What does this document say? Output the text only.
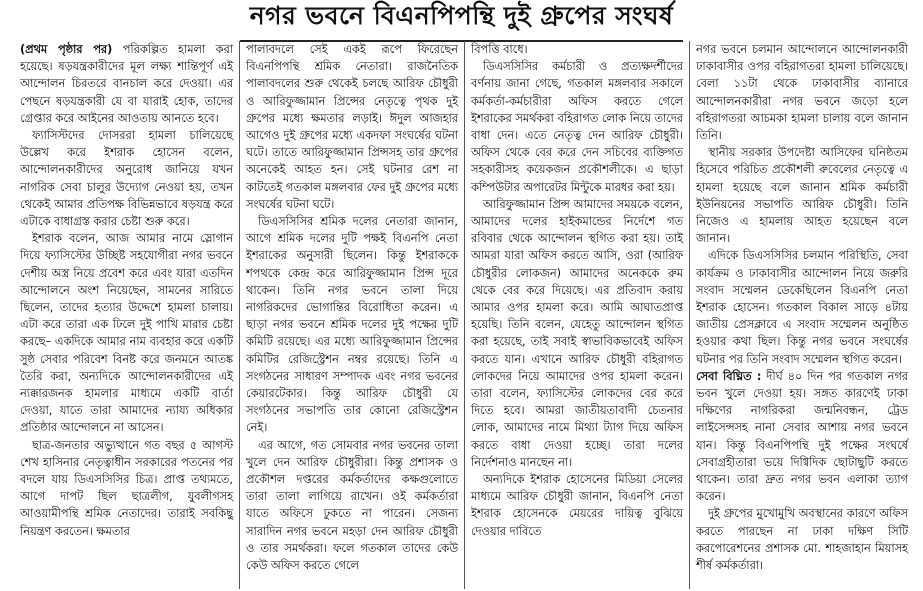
নগর ভবনে বিএনপিপন্থি দুই গ্রুপের সংঘর্ষ

(প্রথম পৃষ্ঠার পর) পরিকল্পিত হামলা করা হয়েছে। ষড়যন্ত্রকারীদের মূল লক্ষ্য শান্তিপূর্ণ এই আন্দোলন চিরতরে বানচাল করে দেওয়া। এর পেছনে ষড়যন্ত্রকারী যে বা যারাই হোক, তাদের গ্রেপ্তার করে আইনের আওতায় আনতে হবে।

ফ্যাসিস্টদের দোসররা হামলা চালিয়েছে উল্লেখ করে ইশরাক হোসেন বলেন, আন্দোলনকারীদের অনুরোধ জানিয়ে যখন নাগরিক সেবা চালুর উদ্যোগ নেওয়া হয়, তখন থেকেই আমার প্রতিপক্ষ বিভিন্নভাবে ষড়যন্ত্র করে এটাকে বাধাগ্রস্ত করার চেষ্টা শুরু করে।

ইশরাক বলেন, আজ আমার নামে স্লোগান দিয়ে ফ্যাসিস্টের উচ্ছিষ্ট সহযোগীরা নগর ভবনে দেশীয় অস্ত্র নিয়ে প্রবেশ করে এবং যারা এতদিন আন্দোলনে অংশ নিয়েছেন, সামনের সারিতে ছিলেন, তাদের হত্যার উদ্দেশে হামলা চালায়। এটা করে তারা এক ঢিলে দুই পাখি মারার চেষ্টা করছে– একদিকে আমার নাম ব্যবহার করে একটি সুষ্ঠ সেবার পরিবেশ বিনষ্ট করে জনমনে আতঙ্ক তৈরি করা, অন্যদিকে আন্দোলনকারীদের এই ন্যক্কারজনক হামলার মাধ্যমে একটি বার্তা দেওয়া, যাতে তারা আমাদের ন্যায্য অধিকার প্রতিষ্ঠার আন্দোলনে না আসেন।

ছাত্র-জনতার অভ্যুত্থানে গত বছর ৫ আগস্ট শেখ হাসিনার নেতৃত্বাধীন সরকারের পতনের পর বদলে যায় ডিএসসিসির চিত্র। প্রাপ্ত তথ্যমতে, আগে দাপট ছিল ছাত্রলীগ, যুবলীগসহ আওয়ামীপন্থি শ্রমিক নেতাদের। তারাই সবকিছু নিয়ন্ত্রণ করতেন। ক্ষমতার

পালাবদলে সেই একই রূপে ফিরেছেন বিএনপিপন্থি শ্রমিক নেতারা। রাজনৈতিক পালাবদলের শুরু থেকেই চলছে আরিফ চৌধুরী ও আরিফুজ্জামান প্রিন্সের নেতৃত্বে পৃথক দুই গ্রুপের মধ্যে ক্ষমতার লড়াই। ঈদুল আজহার আগেও দুই গ্রুপের মধ্যে একদফা সংঘর্ষের ঘটনা ঘটে। তাতে আরিফুজ্জামান প্রিন্সসহ তার গ্রুপের অনেকেই আহত হন। সেই ঘটনার রেশ না কাটতেই গতকাল মঙ্গলবার ফের দুই গ্রুপের মধ্যে সংঘর্ষের ঘটনা ঘটে।

ডিএসসিসির শ্রমিক দলের নেতারা জানান, আগে শ্রমিক দলের দুটি পক্ষই বিএনপি নেতা ইশরাকের অনুসারী ছিলেন। কিন্তু ইশরাককে শপথকে কেন্দ্র করে আরিফুজ্জামান প্রিন্স দূরে থাকেন। তিনি নগর ভবনে তালা দিয়ে নাগরিকদের ভোগান্তির বিরোধিতা করেন। এ ছাড়া নগর ভবনে শ্রমিক দলের দুই পক্ষের দুটি কমিটি রয়েছে। এর মধ্যে আরিফুজ্জামান প্রিন্সের কমিটির রেজিস্ট্রেশন নম্বর রয়েছে। তিনি এ সংগঠনের সাধারণ সম্পাদক এবং নগর ভবনের কেয়ারটেকার। কিন্তু আরিফ চৌধুরী যে সংগঠনের সভাপতি তার কোনো রেজিস্ট্রেশন নেই।

এর আগে, গত সোমবার নগর ভবনের তালা খুলে দেন আরিফ চৌধুরীরা। কিন্তু প্রশাসক ও প্রকৌশল দপ্তরের কর্মকর্তাদের কক্ষগুলোতে তারা তালা লাগিয়ে রাখেন। ওই কর্মকর্তারা যাতে অফিসে ঢুকতে না পারেন। সেজন্য সারাদিন নগর ভবনে মহড়া দেন আরিফ চৌধুরী ও তার সমর্থকরা। ফলে গতকাল তাদের কেউ কেউ অফিস করতে গেলে

বিপত্তি বাধে।

ডিএসসিসির কর্মচারী ও প্রত্যক্ষদর্শীদের বর্ণনায় জানা গেছে, গতকাল মঙ্গলবার সকালে কর্মকর্তা-কর্মচারীরা অফিস করতে গেলে ইশরাকের সমর্থকরা বহিরাগত লোক নিয়ে তাদের বাধা দেন। এতে নেতৃত্ব দেন আরিফ চৌধুরী। অফিস থেকে বের করে দেন সচিবের ব্যক্তিগত সহকারীসহ কয়েকজন প্রকৌশলীকে। এ ছাড়া কম্পিউটার অপারেটর মিন্টুকে মারধর করা হয়।

আরিফুজ্জামান প্রিন্স আমাদের সময়কে বলেন, আমাদের দলের হাইকমান্ডের নির্দেশে গত রবিবার থেকে আন্দোলন স্থগিত করা হয়। তাই আমরা যারা অফিস করতে আসি, ওরা (আরিফ চৌধুরীর লোকজন) আমাদের অনেককে রুম থেকে বের করে দিয়েছে। এর প্রতিবাদ করায় আমার ওপর হামলা করে। আমি আঘাতপ্রাপ্ত হয়েছি। তিনি বলেন, যেহেতু আন্দোলন স্থগিত করা হয়েছে, তাই সবাই স্বাভাবিকভাবেই অফিস করতে যান। এখানে আরিফ চৌধুরী বহিরাগত লোকদের নিয়ে আমাদের ওপর হামলা করেন। তারা বলেন, ফ্যাসিস্টের লোকদের বের করে দিতে হবে। আমরা জাতীয়তাবাদী চেতনার লোক, আমাদের নামে মিথ্যা ট্যাগ দিয়ে অফিস করতে বাধা দেওয়া হচ্ছে। তারা দলের নির্দেশনাও মানছেন না।

অন্যদিকে ইশরাক হোসেনের মিডিয়া সেলের মাধ্যমে আরিফ চৌধুরী জানান, বিএনপি নেতা ইশরাক হোসেনকে মেয়রের দায়িত্ব বুঝিয়ে দেওয়ার দাবিতে

নগর ভবনে চলমান আন্দোলনে আন্দোলনকারী ঢাকাবাসীর ওপর বহিরাগতরা হামলা চালিয়েছে। বেলা ১১টা থেকে ঢাকাবাসীর ব্যানারে আন্দোলনকারীরা নগর ভবনে জড়ো হলে বহিরাগতরা আচমকা হামলা চালায় বলে জানান তিনি।

স্থানীয় সরকার উপদেষ্টা আসিফের ঘনিষ্ঠতম হিসেবে পরিচিত প্রকৌশলী রুবেলের নেতৃত্বে এ হামলা হয়েছে বলে জানান শ্রমিক কর্মচারী ইউনিয়নের সভাপতি আরিফ চৌধুরী। তিনি নিজেও এ হামলায় আহত হয়েছেন বলে জানান।

এদিকে ডিএসসিসির চলমান পরিস্থিতি, সেবা কার্যক্রম ও ঢাকাবাসীর আন্দোলন নিয়ে জরুরি সংবাদ সম্মেলন ডেকেছিলেন বিএনপি নেতা ইশরাক হোসেন। গতকাল বিকাল সাড়ে ৪টায় জাতীয় প্রেসক্লাবে এ সংবাদ সম্মেলন অনুষ্ঠিত হওয়ার কথা ছিল। কিন্তু নগর ভবনে সংঘর্ষের ঘটনার পর তিনি সংবাদ সম্মেলন স্থগিত করেন।

সেবা বিঘ্নিত : দীর্ঘ ৪০ দিন পর গতকাল নগর ভবন খুলে দেওয়া হয়। সঙ্গত কারণেই ঢাকা দক্ষিণের নাগরিকরা জন্মনিবন্ধন, ট্রেড লাইসেন্সসহ নানা সেবার আশায় নগর ভবনে যান। কিন্তু বিএনপিপন্থি দুই পক্ষের সংঘর্ষে সেবাগ্রহীতারা ভয়ে দিগ্বিদিক ছোটাছুটি করতে থাকেন। তারা দ্রুত নগর ভবন এলাকা ত্যাগ করেন।

দুই গ্রুপের মুখোমুখি অবস্থানের কারণে অফিস করতে পারছেন না ঢাকা দক্ষিণ সিটি করপোরেশনের প্রশাসক মো. শাহজাহান মিয়াসহ শীর্ষ কর্মকর্তারা।
